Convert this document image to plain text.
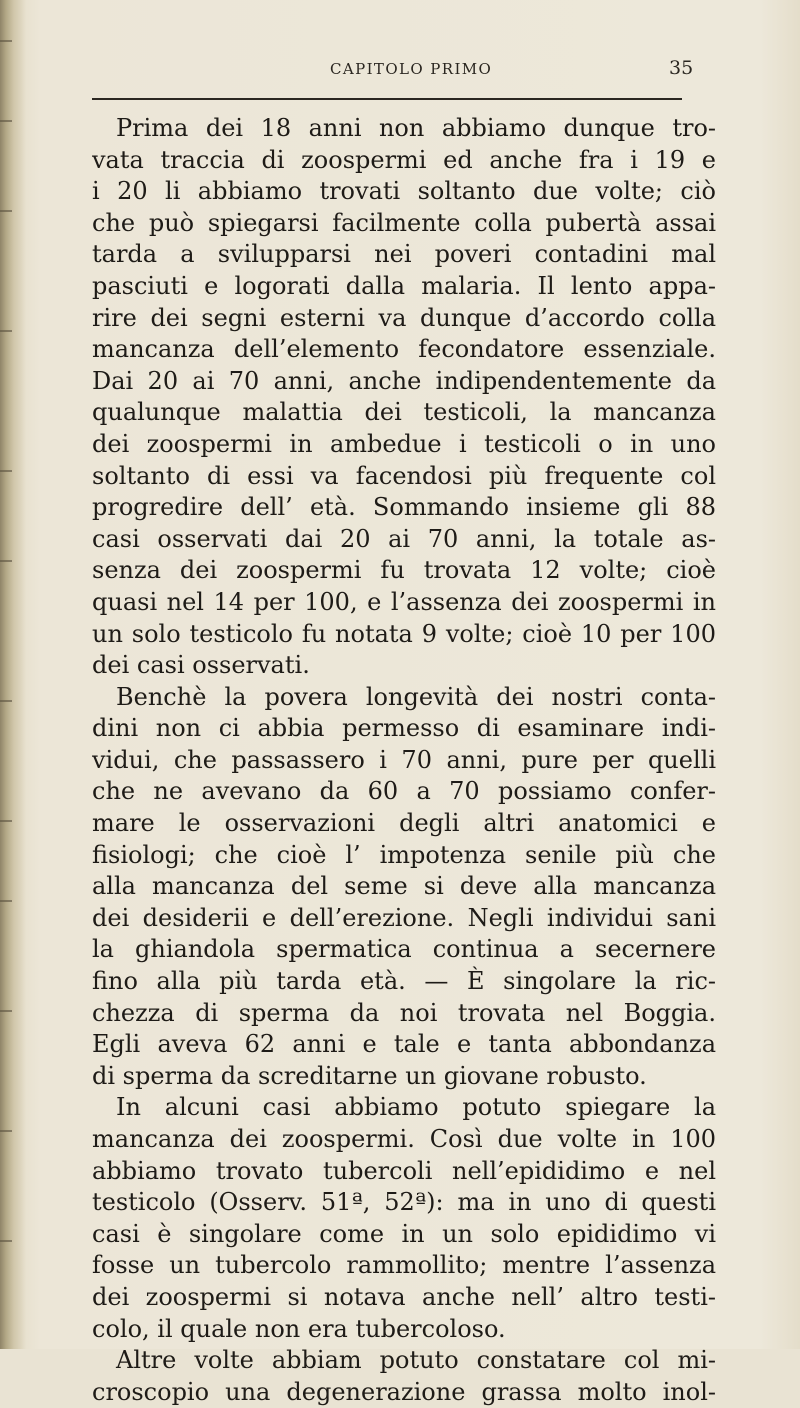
CAPITOLO PRIMO	35
Prima dei 18 anni non abbiamo dunque tro-
vata traccia di zoospermi ed anche fra i 19 e
i 20 li abbiamo trovati soltanto due volte; ciò
che può spiegarsi facilmente colla pubertà assai
tarda a svilupparsi nei poveri contadini mal
pasciuti e logorati dalla malaria. Il lento appa-
rire dei segni esterni va dunque d’accordo colla
mancanza dell’elemento fecondatore essenziale.
Dai 20 ai 70 anni, anche indipendentemente da
qualunque malattia dei testicoli, la mancanza
dei zoospermi in ambedue i testicoli o in uno
soltanto di essi va facendosi più frequente col
progredire dell’ età. Sommando insieme gli 88
casi osservati dai 20 ai 70 anni, la totale as-
senza dei zoospermi fu trovata 12 volte; cioè
quasi nel 14 per 100, e l’assenza dei zoospermi in
un solo testicolo fu notata 9 volte; cioè 10 per 100
dei casi osservati.
Benchè la povera longevità dei nostri conta-
dini non ci abbia permesso di esaminare indi-
vidui, che passassero i 70 anni, pure per quelli
che ne avevano da 60 a 70 possiamo confer-
mare le osservazioni degli altri anatomici e
fisiologi; che cioè l’ impotenza senile più che
alla mancanza del seme si deve alla mancanza
dei desiderii e dell’erezione. Negli individui sani
la ghiandola spermatica continua a secernere
fino alla più tarda età. — È singolare la ric-
chezza di sperma da noi trovata nel Boggia.
Egli aveva 62 anni e tale e tanta abbondanza
di sperma da screditarne un giovane robusto.
In alcuni casi abbiamo potuto spiegare la
mancanza dei zoospermi. Così due volte in 100
abbiamo trovato tubercoli nell’epididimo e nel
testicolo (Osserv. 51ª, 52ª): ma in uno di questi
casi è singolare come in un solo epididimo vi
fosse un tubercolo rammollito; mentre l’assenza
dei zoospermi si notava anche nell’ altro testi-
colo, il quale non era tubercoloso.
Altre volte abbiam potuto constatare col mi-
croscopio una degenerazione grassa molto inol-
